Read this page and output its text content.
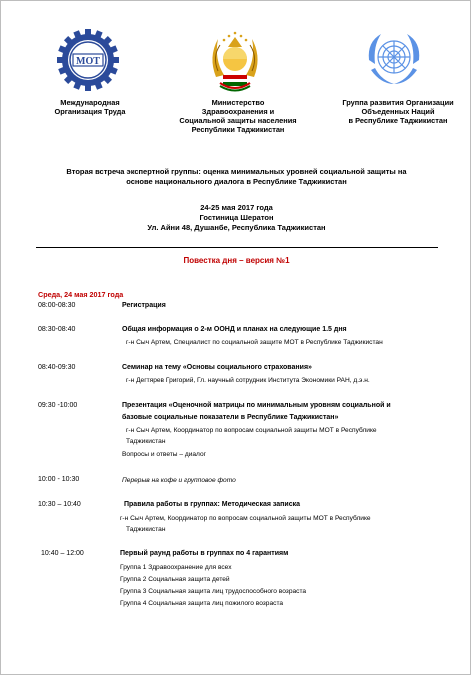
МОТ
Международная
Организация Труда
Министерство
Здравоохранения и
Социальной защиты населения
Республики Таджикистан
Группа развития Организации
Объеденных Наций
в Республике Таджикистан
Вторая встреча экспертной группы: оценка минимальных уровней социальной защиты на
основе национального диалога в Республике Таджикистан
24-25 мая 2017 года
Гостиница Шератон
Ул. Айни 48, Душанбе, Республика Таджикистан
Повестка дня – версия №1
Среда, 24 мая 2017 года
08:00-08:30	Регистрация
08:30-08:40	Общая информация о 2-м ООНД и планах на следующие 1.5 дня
г-н Сыч Артем, Специалист по социальной защите МОТ в Республике Таджикистан
08:40-09:30	Семинар на тему «Основы социального страхования»
г-н Дегтярев Григорий, Гл. научный сотрудник Института Экономики РАН, д.э.н.
09:30 -10:00	Презентация «Оценочной матрицы по минимальным уровням социальной и
базовые социальные показатели в Республике Таджикистан»
г-н Сыч Артем, Координатор по вопросам социальной защиты МОТ в Республике
Таджикистан
Вопросы и ответы – диалог
10:00 - 10:30	Перерыв на кофе и групповое фото
10:30 – 10:40	Правила работы в группах: Методическая записка
г-н Сыч Артем, Координатор по вопросам социальной защиты МОТ в Республике
Таджикистан
10:40 – 12:00	Первый раунд работы в группах по 4 гарантиям
Группа 1 Здравоохранение для всех
Группа 2 Социальная защита детей
Группа 3 Социальная защита лиц трудоспособного возраста
Группа 4 Социальная защита лиц пожилого возраста
